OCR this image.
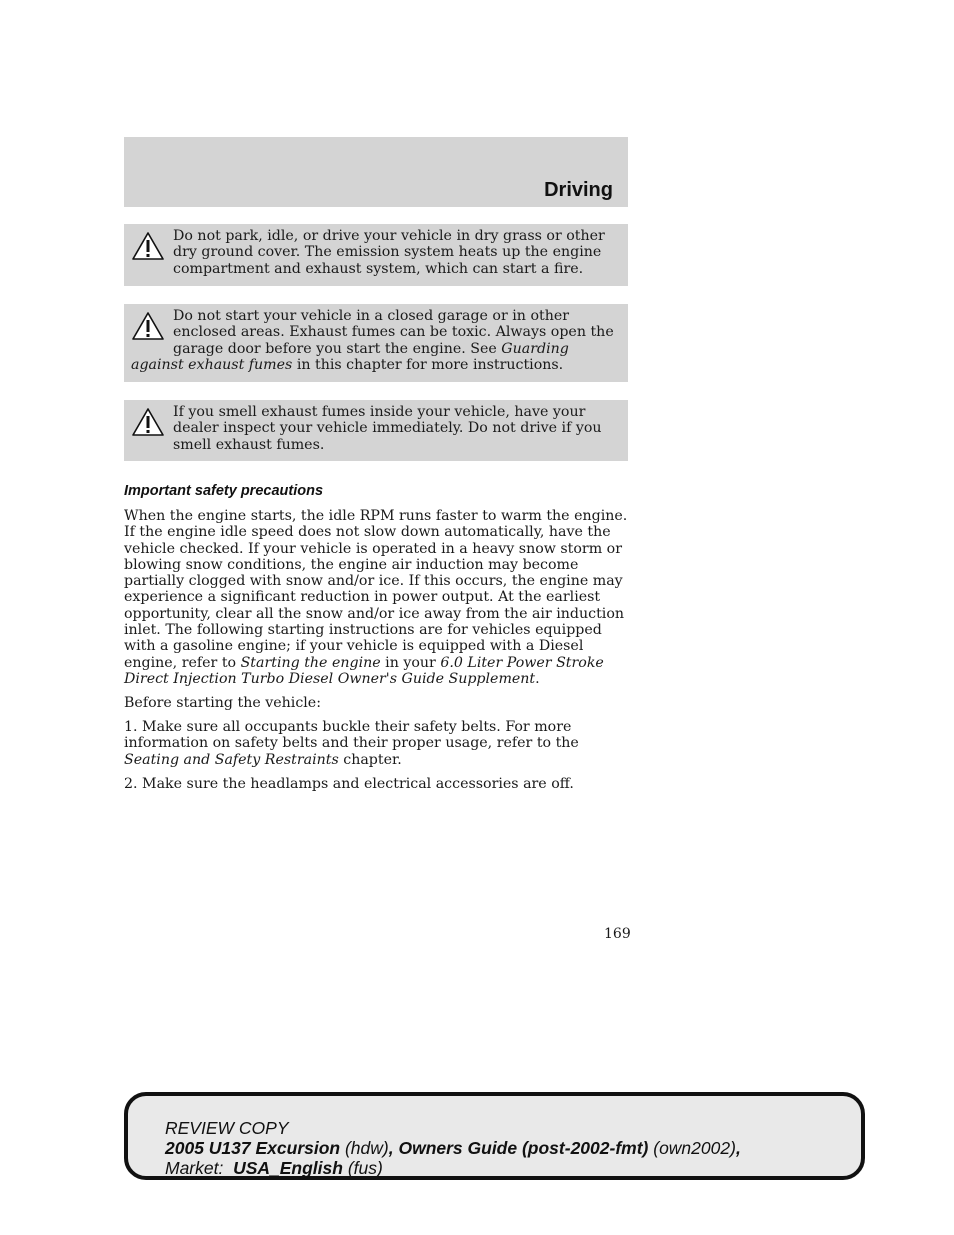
Driving
Do not park, idle, or drive your vehicle in dry grass or other dry ground cover. The emission system heats up the engine compartment and exhaust system, which can start a fire.
Do not start your vehicle in a closed garage or in other enclosed areas. Exhaust fumes can be toxic. Always open the garage door before you start the engine. See Guarding against exhaust fumes in this chapter for more instructions.
If you smell exhaust fumes inside your vehicle, have your dealer inspect your vehicle immediately. Do not drive if you smell exhaust fumes.
Important safety precautions

When the engine starts, the idle RPM runs faster to warm the engine. If the engine idle speed does not slow down automatically, have the vehicle checked. If your vehicle is operated in a heavy snow storm or blowing snow conditions, the engine air induction may become partially clogged with snow and/or ice. If this occurs, the engine may experience a significant reduction in power output. At the earliest opportunity, clear all the snow and/or ice away from the air induction inlet. The following starting instructions are for vehicles equipped with a gasoline engine; if your vehicle is equipped with a Diesel engine, refer to Starting the engine in your 6.0 Liter Power Stroke Direct Injection Turbo Diesel Owner's Guide Supplement.

Before starting the vehicle:

1. Make sure all occupants buckle their safety belts. For more information on safety belts and their proper usage, refer to the Seating and Safety Restraints chapter.

2. Make sure the headlamps and electrical accessories are off.

169
REVIEW COPY
2005 U137 Excursion (hdw), Owners Guide (post-2002-fmt) (own2002),
Market:  USA_English (fus)
